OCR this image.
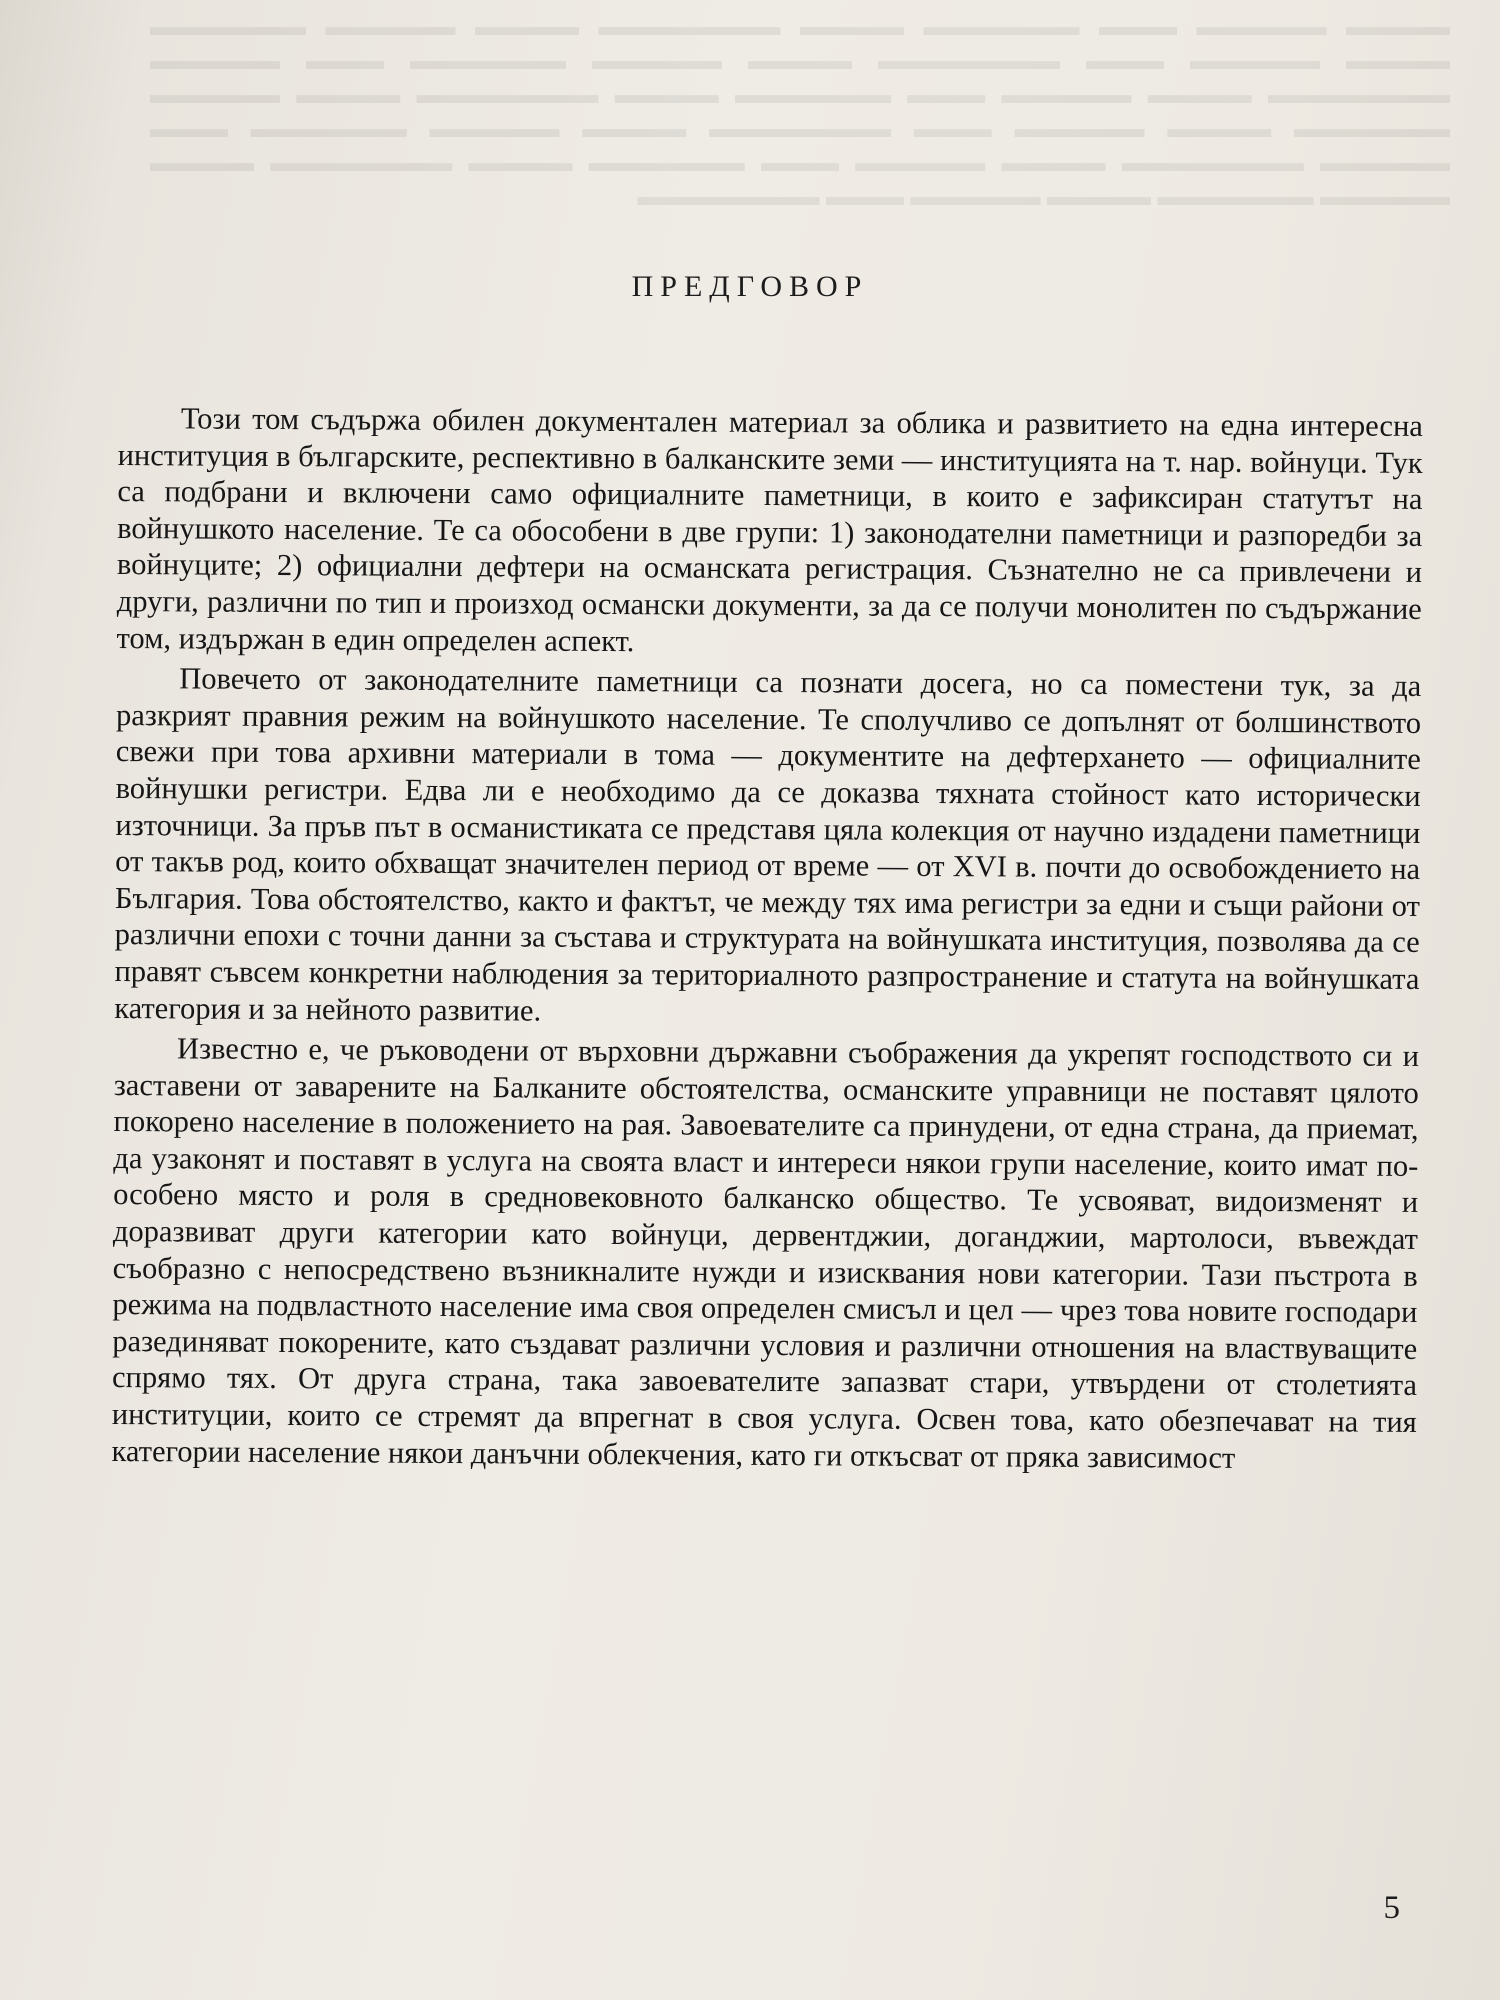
▬▬▬▬ ▬▬▬▬▬ ▬▬▬ ▬▬▬▬▬▬ ▬▬▬▬ ▬▬▬▬▬▬▬ ▬▬▬▬ ▬▬▬▬▬ ▬▬▬▬▬▬ ▬▬▬▬ ▬▬▬▬▬ ▬▬▬ ▬▬▬▬▬▬▬ ▬▬▬▬ ▬▬▬▬▬ ▬▬▬▬▬▬ ▬▬▬ ▬▬▬▬▬ ▬▬▬▬▬▬▬ ▬▬▬▬ ▬▬▬▬▬ ▬▬▬ ▬▬▬▬▬▬ ▬▬▬▬ ▬▬▬▬▬▬▬ ▬▬▬▬ ▬▬▬▬▬ ▬▬▬▬▬▬ ▬▬▬▬ ▬▬▬▬▬ ▬▬▬ ▬▬▬▬▬▬▬ ▬▬▬▬ ▬▬▬▬▬ ▬▬▬▬▬▬ ▬▬▬ ▬▬▬▬▬ ▬▬▬▬▬▬▬ ▬▬▬▬ ▬▬▬▬▬ ▬▬▬ ▬▬▬▬▬▬ ▬▬▬▬ ▬▬▬▬▬▬▬ ▬▬▬▬ ▬▬▬▬▬ ▬▬▬▬▬▬ ▬▬▬▬ ▬▬▬▬▬ ▬▬▬ ▬▬▬▬▬▬▬
ПРЕДГОВОР

Този том съдържа обилен документален материал за облика и развитието на една интересна институция в българските, респективно в балканските земи — институцията на т. нар. войнуци. Тук са подбрани и включени само официалните паметници, в които е зафиксиран статутът на войнушкото население. Те са обособени в две групи: 1) законодателни паметници и разпоредби за войнуците; 2) официални дефтери на османската регистрация. Съзнателно не са привлечени и други, различни по тип и произход османски документи, за да се получи монолитен по съдържание том, издържан в един определен аспект.

Повечето от законодателните паметници са познати досега, но са поместени тук, за да разкрият правния режим на войнушкото население. Те сполучливо се допълнят от болшинството свежи при това архивни материали в тома — документите на дефтерхането — официалните войнушки регистри. Едва ли е необходимо да се доказва тяхната стойност като исторически източници. За пръв път в османистиката се представя цяла колекция от научно издадени паметници от такъв род, които обхващат значителен период от време — от XVI в. почти до освобождението на България. Това обстоятелство, както и фактът, че между тях има регистри за едни и същи райони от различни епохи с точни данни за състава и структурата на войнушката институция, позволява да се правят съвсем конкретни наблюдения за териториалното разпространение и статута на войнушката категория и за нейното развитие.

Известно е, че ръководени от върховни държавни съображения да укрепят господството си и заставени от заварените на Балканите обстоятелства, османските управници не поставят цялото покорено население в положението на рая. Завоевателите са принудени, от една страна, да приемат, да узаконят и поставят в услуга на своята власт и интереси някои групи население, които имат по-особено място и роля в средновековното балканско общество. Те усвояват, видоизменят и доразвиват други категории като войнуци, дервентджии, доганджии, мартолоси, въвеждат съобразно с непосредствено възникналите нужди и изисквания нови категории. Тази пъстрота в режима на подвластното население има своя определен смисъл и цел — чрез това новите господари разединяват покорените, като създават различни условия и различни отношения на властвуващите спрямо тях. От друга страна, така завоевателите запазват стари, утвърдени от столетията институции, които се стремят да впрегнат в своя услуга. Освен това, като обезпечават на тия категории население някои данъчни облекчения, като ги откъсват от пряка зависимост

5
